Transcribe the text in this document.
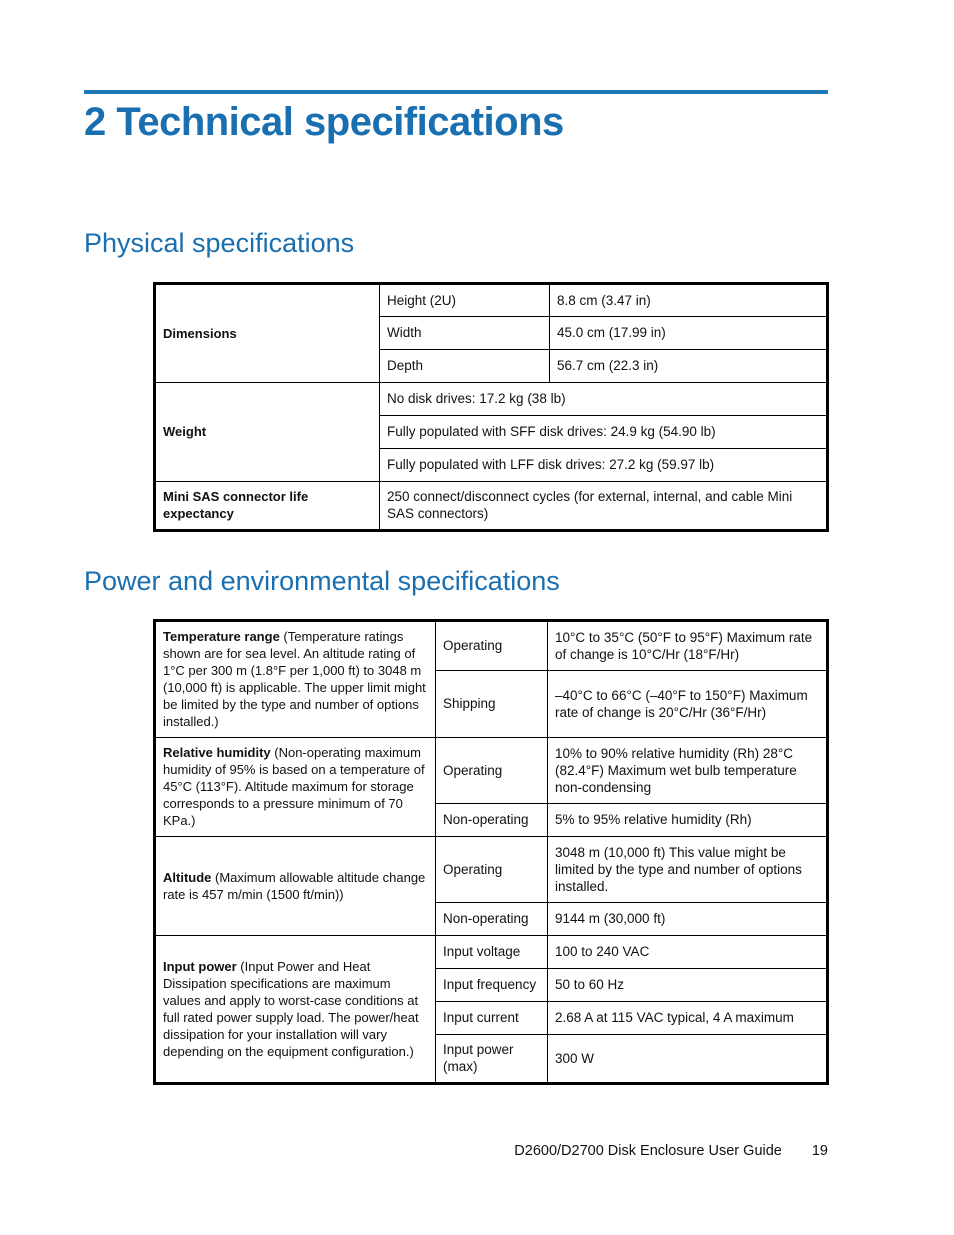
2 Technical specifications
Physical specifications
Dimensions	Height (2U)	8.8 cm (3.47 in)
	Width	45.0 cm (17.99 in)
	Depth	56.7 cm (22.3 in)
Weight	No disk drives: 17.2 kg (38 lb)	
	Fully populated with SFF disk drives: 24.9 kg (54.90 lb)	
	Fully populated with LFF disk drives: 27.2 kg (59.97 lb)	
Mini SAS connector life expectancy	250 connect/disconnect cycles (for external, internal, and cable Mini SAS connectors)	
Power and environmental specifications
Temperature range (Temperature ratings shown are for sea level. An altitude rating of 1°C per 300 m (1.8°F per 1,000 ft) to 3048 m (10,000 ft) is applicable. The upper limit might be limited by the type and number of options installed.)	Operating	10°C to 35°C (50°F to 95°F) Maximum rate of change is 10°C/Hr (18°F/Hr)
	Shipping	–40°C to 66°C (–40°F to 150°F) Maximum rate of change is 20°C/Hr (36°F/Hr)
Relative humidity (Non-operating maximum humidity of 95% is based on a temperature of 45°C (113°F). Altitude maximum for storage corresponds to a pressure minimum of 70 KPa.)	Operating	10% to 90% relative humidity (Rh) 28°C (82.4°F) Maximum wet bulb temperature non-condensing
	Non-operating	5% to 95% relative humidity (Rh)
Altitude (Maximum allowable altitude change rate is 457 m/min (1500 ft/min))	Operating	3048 m (10,000 ft) This value might be limited by the type and number of options installed.
	Non-operating	9144 m (30,000 ft)
Input power (Input Power and Heat Dissipation specifications are maximum values and apply to worst-case conditions at full rated power supply load. The power/heat dissipation for your installation will vary depending on the equipment configuration.)	Input voltage	100 to 240 VAC
	Input frequency	50 to 60 Hz
	Input current	2.68 A at 115 VAC typical, 4 A maximum
	Input power (max)	300 W
D2600/D2700 Disk Enclosure User Guide 19
